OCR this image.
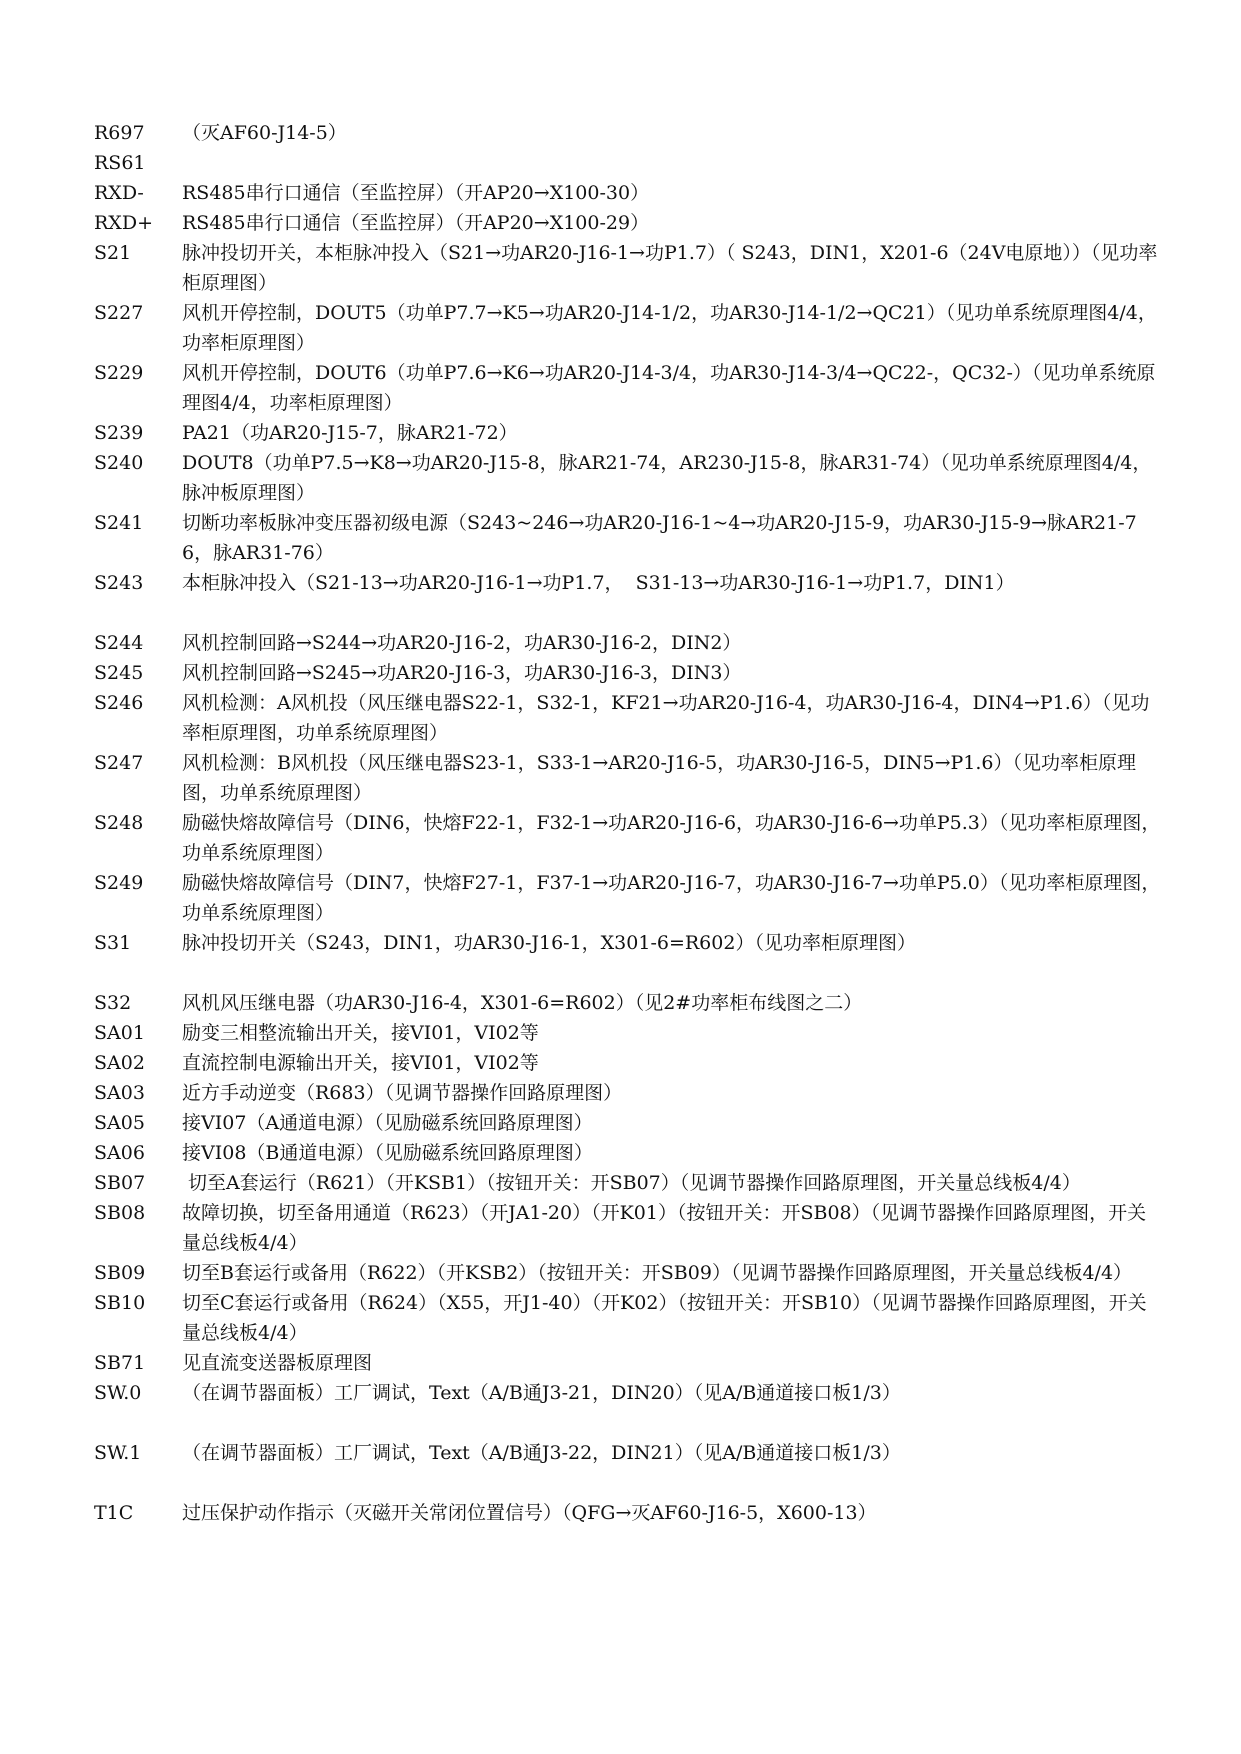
R697	（灭AF60-J14-5）
RS61
RXD-	RS485串行口通信（至监控屏）（开AP20→X100-30）
RXD+	RS485串行口通信（至监控屏）（开AP20→X100-29）
S21	脉冲投切开关，本柜脉冲投入（S21→功AR20-J16-1→功P1.7）（ S243，DIN1，X201-6（24V电原地））（见功率柜原理图）
S227	风机开停控制，DOUT5（功单P7.7→K5→功AR20-J14-1/2，功AR30-J14-1/2→QC21）（见功单系统原理图4/4，功率柜原理图）
S229	风机开停控制，DOUT6（功单P7.6→K6→功AR20-J14-3/4，功AR30-J14-3/4→QC22-，QC32-）（见功单系统原理图4/4，功率柜原理图）
S239	PA21（功AR20-J15-7，脉AR21-72）
S240	DOUT8（功单P7.5→K8→功AR20-J15-8，脉AR21-74，AR230-J15-8，脉AR31-74）（见功单系统原理图4/4，脉冲板原理图）
S241	切断功率板脉冲变压器初级电源（S243~246→功AR20-J16-1~4→功AR20-J15-9，功AR30-J15-9→脉AR21-76，脉AR31-76）
S243	本柜脉冲投入（S21-13→功AR20-J16-1→功P1.7，  S31-13→功AR30-J16-1→功P1.7，DIN1）
S244	风机控制回路→S244→功AR20-J16-2，功AR30-J16-2，DIN2）
S245	风机控制回路→S245→功AR20-J16-3，功AR30-J16-3，DIN3）
S246	风机检测：A风机投（风压继电器S22-1，S32-1，KF21→功AR20-J16-4，功AR30-J16-4，DIN4→P1.6）（见功率柜原理图，功单系统原理图）
S247	风机检测：B风机投（风压继电器S23-1，S33-1→AR20-J16-5，功AR30-J16-5，DIN5→P1.6）（见功率柜原理图，功单系统原理图）
S248	励磁快熔故障信号（DIN6，快熔F22-1，F32-1→功AR20-J16-6，功AR30-J16-6→功单P5.3）（见功率柜原理图，功单系统原理图）
S249	励磁快熔故障信号（DIN7，快熔F27-1，F37-1→功AR20-J16-7，功AR30-J16-7→功单P5.0）（见功率柜原理图，功单系统原理图）
S31	脉冲投切开关（S243，DIN1，功AR30-J16-1，X301-6=R602）（见功率柜原理图）
S32	风机风压继电器（功AR30-J16-4，X301-6=R602）（见2#功率柜布线图之二）
SA01	励变三相整流输出开关，接VI01，VI02等
SA02	直流控制电源输出开关，接VI01，VI02等
SA03	近方手动逆变（R683）（见调节器操作回路原理图）
SA05	接VI07（A通道电源）（见励磁系统回路原理图）
SA06	接VI08（B通道电源）（见励磁系统回路原理图）
SB07	切至A套运行（R621）（开KSB1）（按钮开关：开SB07）（见调节器操作回路原理图，开关量总线板4/4）
SB08	故障切换，切至备用通道（R623）（开JA1-20）（开K01）（按钮开关：开SB08）（见调节器操作回路原理图，开关量总线板4/4）
SB09	切至B套运行或备用（R622）（开KSB2）（按钮开关：开SB09）（见调节器操作回路原理图，开关量总线板4/4）
SB10	切至C套运行或备用（R624）（X55，开J1-40）（开K02）（按钮开关：开SB10）（见调节器操作回路原理图，开关量总线板4/4）
SB71	见直流变送器板原理图
SW.0	（在调节器面板）工厂调试，Text（A/B通J3-21，DIN20）（见A/B通道接口板1/3）
SW.1	（在调节器面板）工厂调试，Text（A/B通J3-22，DIN21）（见A/B通道接口板1/3）
T1C	过压保护动作指示（灭磁开关常闭位置信号）（QFG→灭AF60-J16-5，X600-13）
